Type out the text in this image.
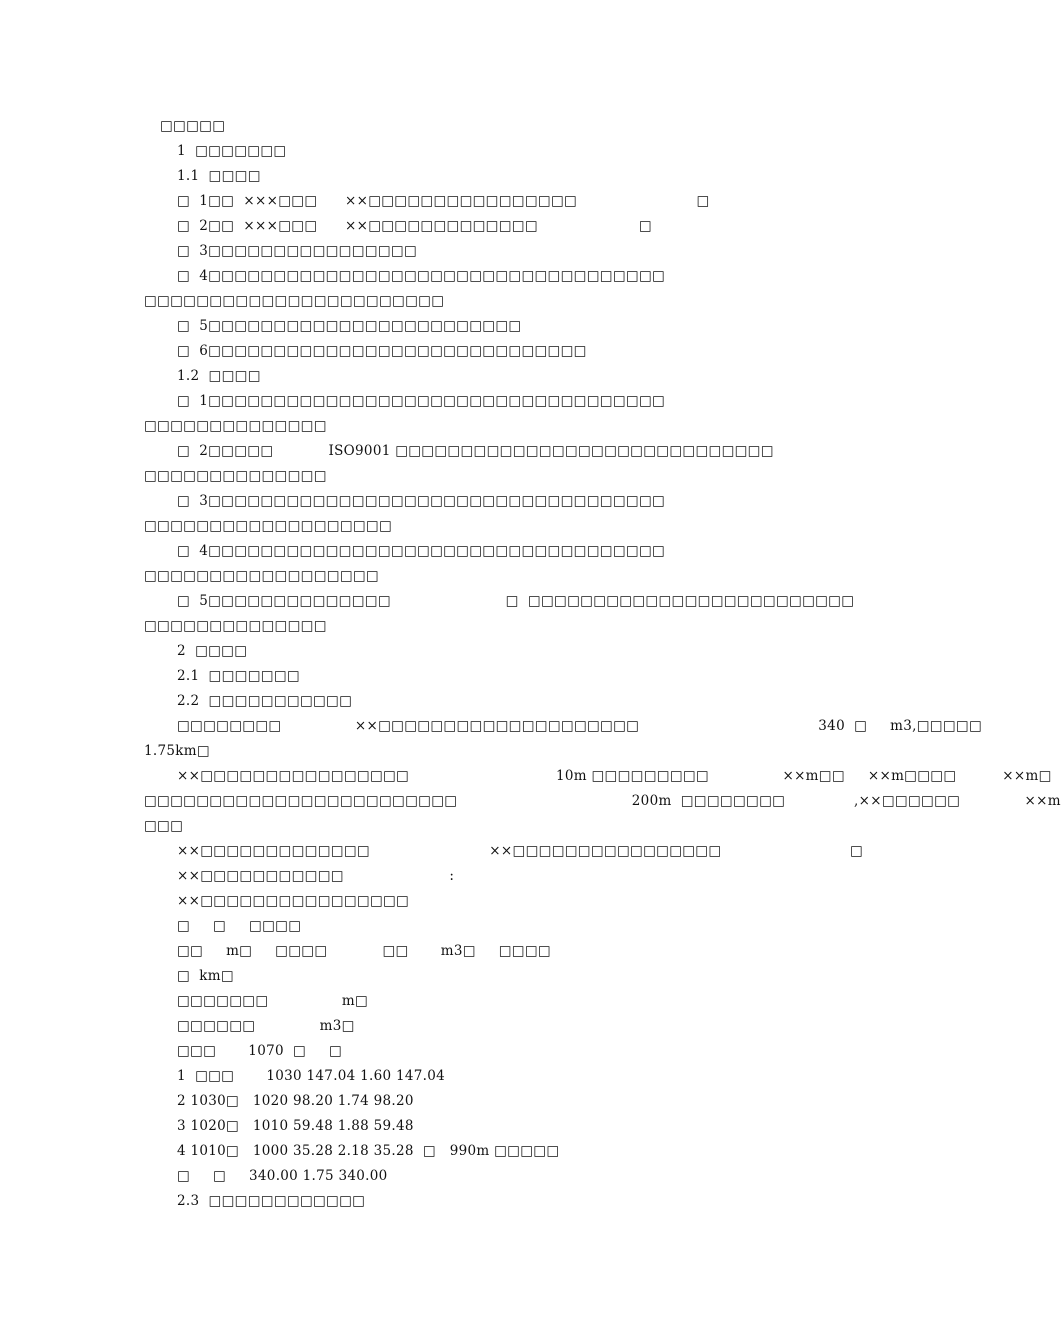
□□□□□
1  □□□□□□□
1.1  □□□□
□  1□□  ×××□□□      ××□□□□□□□□□□□□□□□□                          □
□  2□□  ×××□□□      ××□□□□□□□□□□□□□                      □
□  3□□□□□□□□□□□□□□□□
□  4□□□□□□□□□□□□□□□□□□□□□□□□□□□□□□□□□□□
□□□□□□□□□□□□□□□□□□□□□□□
□  5□□□□□□□□□□□□□□□□□□□□□□□□
□  6□□□□□□□□□□□□□□□□□□□□□□□□□□□□□
1.2  □□□□
□  1□□□□□□□□□□□□□□□□□□□□□□□□□□□□□□□□□□□
□□□□□□□□□□□□□□
□  2□□□□□            ISO9001 □□□□□□□□□□□□□□□□□□□□□□□□□□□□□
□□□□□□□□□□□□□□
□  3□□□□□□□□□□□□□□□□□□□□□□□□□□□□□□□□□□□
□□□□□□□□□□□□□□□□□□□
□  4□□□□□□□□□□□□□□□□□□□□□□□□□□□□□□□□□□□
□□□□□□□□□□□□□□□□□□
□  5□□□□□□□□□□□□□□                         □  □□□□□□□□□□□□□□□□□□□□□□□□□
□□□□□□□□□□□□□□
2  □□□□
2.1  □□□□□□□
2.2  □□□□□□□□□□□
□□□□□□□□                ××□□□□□□□□□□□□□□□□□□□□                                       340  □     m3,□□□□□
1.75km□
××□□□□□□□□□□□□□□□□                                10m □□□□□□□□□                ××m□□     ××m□□□□          ××m□
□□□□□□□□□□□□□□□□□□□□□□□□                                      200m  □□□□□□□□               ,××□□□□□□              ××m
□□□
××□□□□□□□□□□□□□                          ××□□□□□□□□□□□□□□□□                            □
××□□□□□□□□□□□                       :
××□□□□□□□□□□□□□□□□
□     □     □□□□
□□     m□     □□□□            □□       m3□     □□□□
□  km□
□□□□□□□                m□
□□□□□□              m3□
□□□       1070  □     □
1  □□□       1030 147.04 1.60 147.04
2 1030□   1020 98.20 1.74 98.20
3 1020□   1010 59.48 1.88 59.48
4 1010□   1000 35.28 2.18 35.28  □   990m □□□□□
□     □     340.00 1.75 340.00
2.3  □□□□□□□□□□□□
